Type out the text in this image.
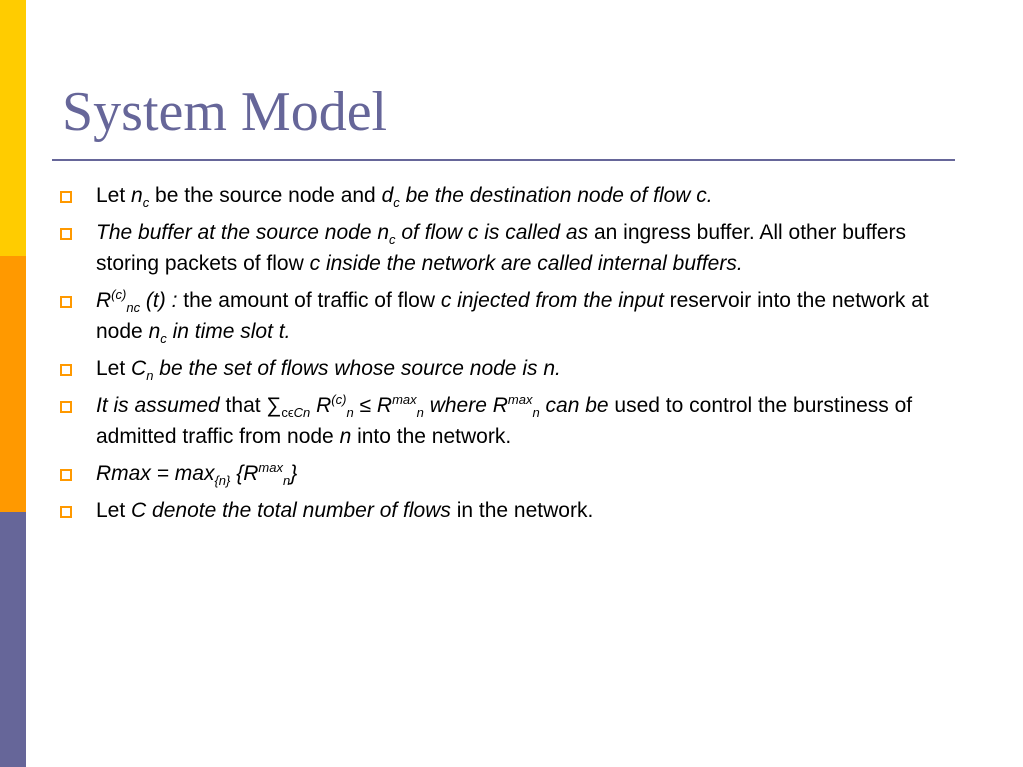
System Model
Let $n_c$ be the source node and $d_c$ be the destination node of flow c.
The buffer at the source node $n_c$ of flow c is called as an ingress buffer. All other buffers storing packets of flow c inside the network are called internal buffers.
$R^{(c)}_{nc}$ (t) : the amount of traffic of flow c injected from the input reservoir into the network at node $n_c$ in time slot t.
Let $C_n$ be the set of flows whose source node is n.
It is assumed that $\sum_{c\epsilon Cn}$ $R^{(c)}_n \le R^{max}_n$ where $R^{max}_n$ can be used to control the burstiness of admitted traffic from node n into the network.
$Rmax = \max_{\{n\}} \{R^{max}_n\}$
Let C denote the total number of flows in the network.
